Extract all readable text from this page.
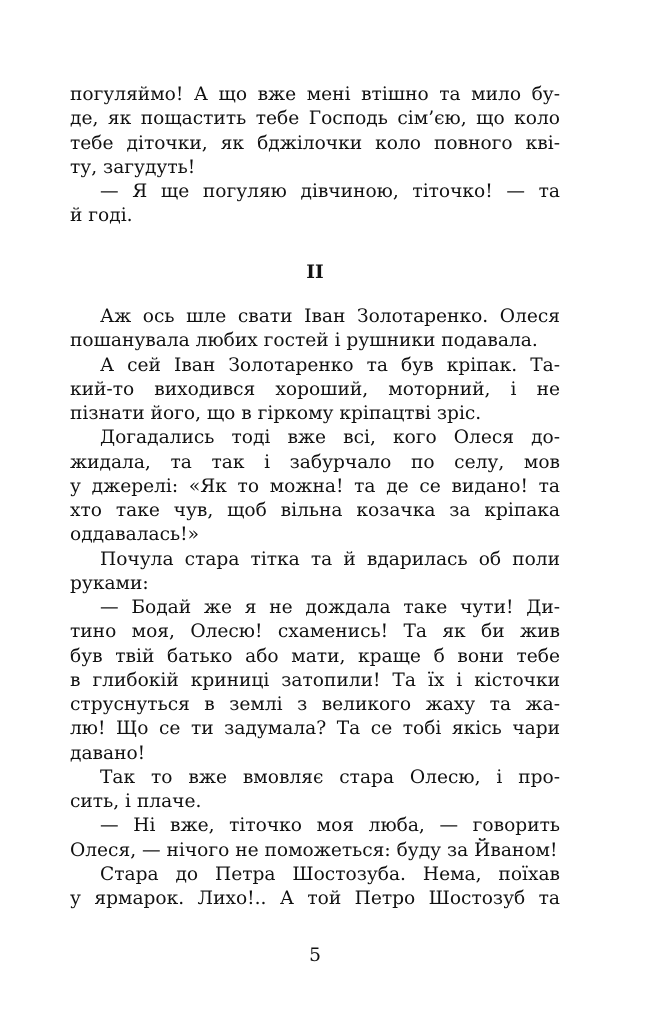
погуляймо! А що вже мені втішно та мило бу-
де, як пощастить тебе Господь сім’єю, що коло
тебе діточки, як бджілочки коло повного кві-
ту, загудуть!
— Я ще погуляю дівчиною, тіточко! — та
й годі.
II
Аж ось шле свати Іван Золотаренко. Олеся
пошанувала любих гостей і рушники подавала.
А сей Іван Золотаренко та був кріпак. Та-
кий-то виходився хороший, моторний, і не
пізнати його, що в гіркому кріпацтві зріс.
Догадались тоді вже всі, кого Олеся до-
жидала, та так і забурчало по селу, мов
у джерелі: «Як то можна! та де се видано! та
хто таке чув, щоб вільна козачка за кріпака
оддавалась!»
Почула стара тітка та й вдарилась об поли
руками:
— Бодай же я не дождала таке чути! Ди-
тино моя, Олесю! схаменись! Та як би жив
був твій батько або мати, краще б вони тебе
в глибокій криниці затопили! Та їх і кісточки
струснуться в землі з великого жаху та жа-
лю! Що се ти задумала? Та се тобі якісь чари
давано!
Так то вже вмовляє стара Олесю, і про-
сить, і плаче.
— Ні вже, тіточко моя люба, — говорить
Олеся, — нічого не поможеться: буду за Йваном!
Стара до Петра Шостозуба. Нема, поїхав
у ярмарок. Лихо!.. А той Петро Шостозуб та
5
